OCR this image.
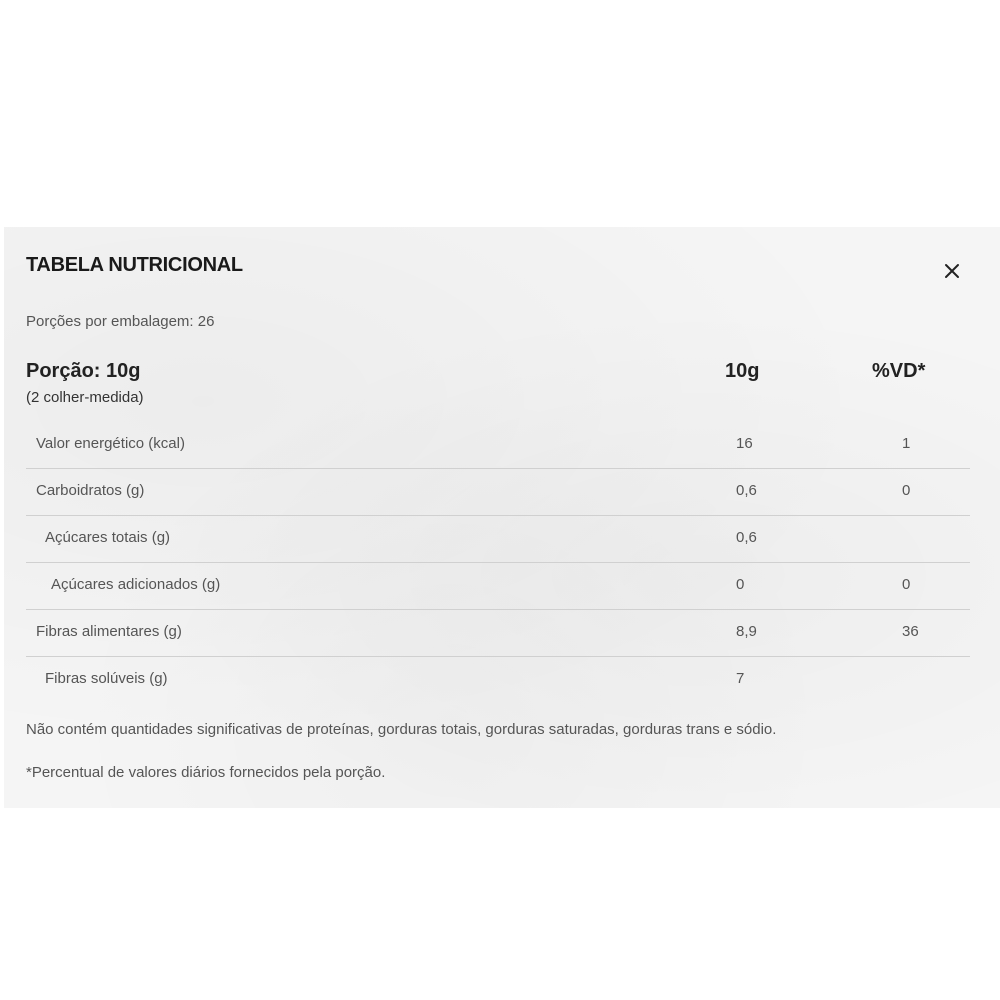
TABELA NUTRICIONAL
Porções por embalagem: 26
Porção: 10g
(2 colher-medida)
10g	%VD*
Valor energético (kcal)	16	1
Carboidratos (g)	0,6	0
Açúcares totais (g)	0,6
Açúcares adicionados (g)	0	0
Fibras alimentares (g)	8,9	36
Fibras solúveis (g)	7
Não contém quantidades significativas de proteínas, gorduras totais, gorduras saturadas, gorduras trans e sódio.
*Percentual de valores diários fornecidos pela porção.
